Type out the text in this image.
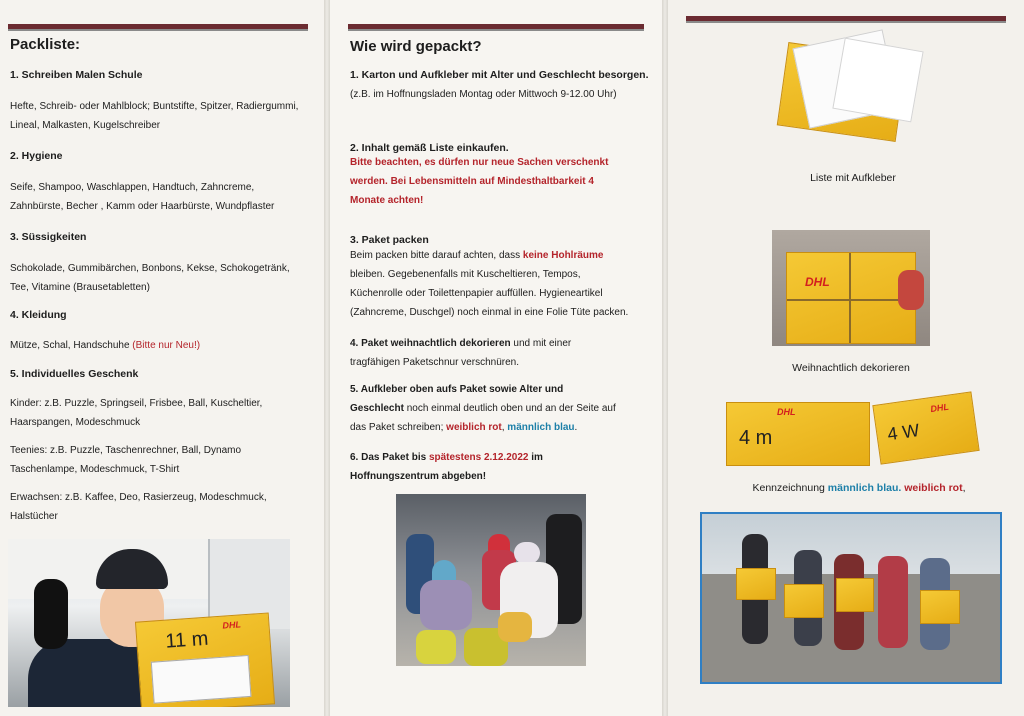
Packliste:
1. Schreiben Malen Schule
Hefte, Schreib- oder Mahlblock; Buntstifte, Spitzer, Radiergummi,
Lineal, Malkasten, Kugelschreiber
2. Hygiene
Seife, Shampoo, Waschlappen, Handtuch, Zahncreme,
Zahnbürste, Becher , Kamm oder Haarbürste, Wundpflaster
3. Süssigkeiten
Schokolade, Gummibärchen, Bonbons, Kekse, Schokogetränk,
Tee, Vitamine (Brausetabletten)
4. Kleidung
Mütze, Schal, Handschuhe (Bitte nur Neu!)
5. Individuelles Geschenk
Kinder: z.B. Puzzle, Springseil, Frisbee, Ball, Kuscheltier,
Haarspangen, Modeschmuck
Teenies: z.B. Puzzle, Taschenrechner, Ball, Dynamo
Taschenlampe, Modeschmuck, T-Shirt
Erwachsen: z.B. Kaffee, Deo, Rasierzeug, Modeschmuck,
Halstücher
DHL
11 m
Wie wird gepackt?
1. Karton und Aufkleber mit Alter und Geschlecht besorgen.
(z.B. im Hoffnungsladen Montag oder Mittwoch 9-12.00 Uhr)
2. Inhalt gemäß Liste einkaufen.
Bitte beachten, es dürfen nur neue Sachen verschenkt
werden. Bei Lebensmitteln auf Mindesthaltbarkeit 4
Monate achten!
3. Paket packen
Beim packen bitte darauf achten, dass keine Hohlräume
bleiben. Gegebenenfalls mit Kuscheltieren, Tempos,
Küchenrolle oder Toilettenpapier auffüllen. Hygieneartikel
(Zahncreme, Duschgel) noch einmal in eine Folie Tüte packen.
4. Paket weihnachtlich dekorieren und mit einer
tragfähigen Paketschnur verschnüren.
5. Aufkleber oben aufs Paket sowie Alter und
Geschlecht noch einmal deutlich oben und an der Seite auf
das Paket schreiben; weiblich rot, männlich blau.
6. Das Paket bis spätestens 2.12.2022 im
Hoffnungszentrum abgeben!
Liste mit Aufkleber
DHL
Weihnachtlich dekorieren
DHL
4 m
DHL
4 W
Kennzeichnung männlich blau. weiblich rot,
